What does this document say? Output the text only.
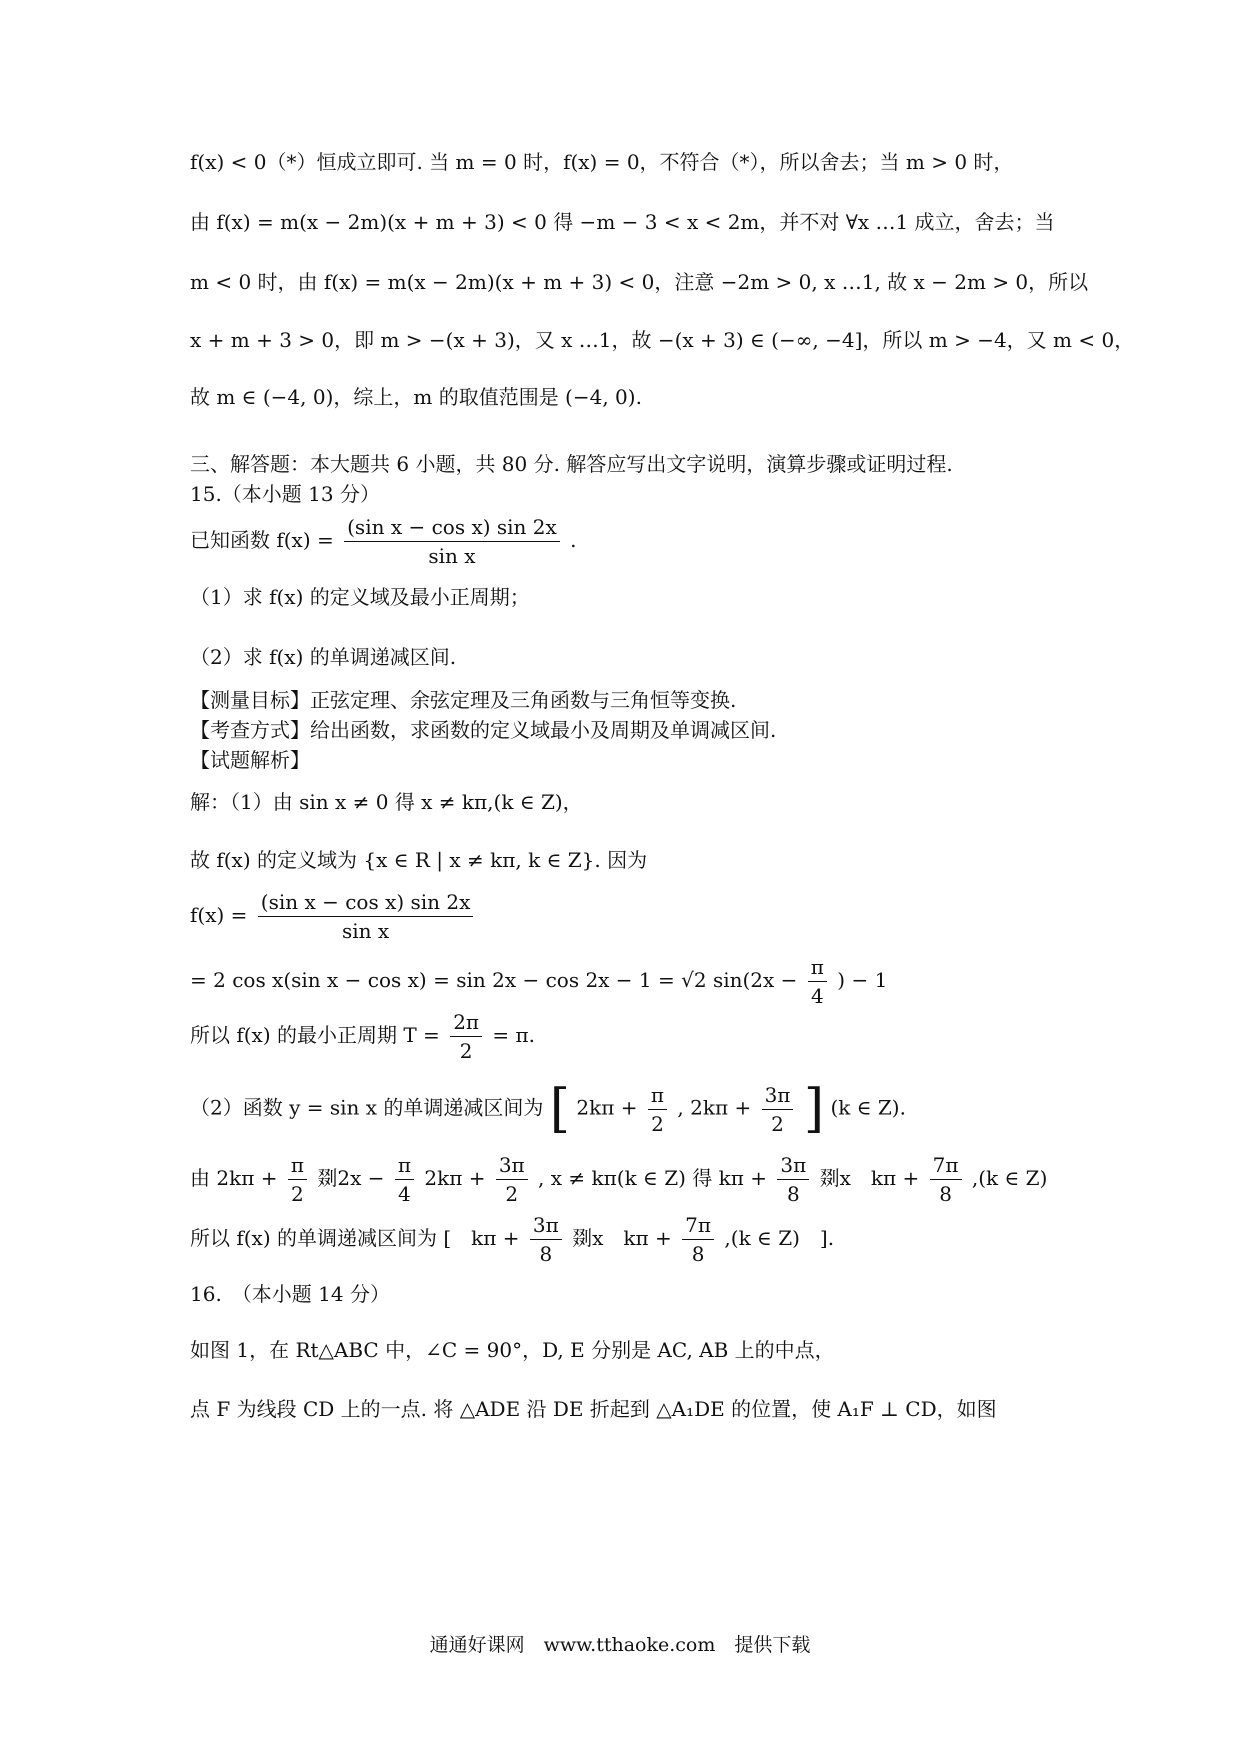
f(x) < 0（*）恒成立即可. 当 m = 0 时，f(x) = 0，不符合（*），所以舍去；当 m > 0 时，
由 f(x) = m(x − 2m)(x + m + 3) < 0 得 −m − 3 < x < 2m，并不对 ∀x …1 成立，舍去；当
m < 0 时，由 f(x) = m(x − 2m)(x + m + 3) < 0，注意 −2m > 0, x …1, 故 x − 2m > 0，所以
x + m + 3 > 0，即 m > −(x + 3)，又 x …1，故 −(x + 3) ∈ (−∞, −4]，所以 m > −4，又 m < 0，
故 m ∈ (−4, 0)，综上，m 的取值范围是 (−4, 0).
三、解答题：本大题共 6 小题，共 80 分. 解答应写出文字说明，演算步骤或证明过程.
15.（本小题 13 分）
已知函数 $f(x) = \frac{\text{(sin x − cos x) sin 2x}}{\text{sin x}}$ .
（1）求 f(x) 的定义域及最小正周期；
（2）求 f(x) 的单调递减区间.
【测量目标】正弦定理、余弦定理及三角函数与三角恒等变换.
【考查方式】给出函数，求函数的定义域最小及周期及单调减区间.
【试题解析】
解：（1）由 sin x ≠ 0 得 x ≠ kπ,(k ∈ Z)，
故 f(x) 的定义域为 {x ∈ R | x ≠ kπ, k ∈ Z}. 因为
$f(x) = \frac{\text{(sin x − cos x) sin 2x}}{\text{sin x}}$
= 2 cos x(sin x − cos x) = sin 2x − cos 2x − 1 = √2 $\sin(2x - \frac{\pi}{4}$ ) − 1
所以 f(x) 的最小正周期 $T = \frac{2\pi}{2} = \pi$.
（2）函数 y = sin x 的单调递减区间为 [ $2k\pi + \frac{\pi}{2}$ , $2k\pi + \frac{3\pi}{2}$ ] (k ∈ Z).
由 $2k\pi + \frac{\pi}{2}$ 剟$2x - \frac{\pi}{4} 2k\pi + \frac{3\pi}{2}$ , x ≠ kπ(k ∈ Z) 得 $k\pi + \frac{3\pi}{8}$ 剟x　$k\pi + \frac{7\pi}{8} ,(k$ ∈ Z)
所以 f(x) 的单调递减区间为 [　$k\pi + \frac{3\pi}{8}$ 剟x　$k\pi + \frac{7\pi}{8} ,(k$ ∈ Z)　].
16.　（本小题 14 分）
如图 1，在 Rt△ABC 中，∠C = 90°，D, E 分别是 AC, AB 上的中点，
点 F 为线段 CD 上的一点. 将 △ADE 沿 DE 折起到 △A₁DE 的位置，使 A₁F ⊥ CD，如图
通通好课网　www.tthaoke.com　提供下载
